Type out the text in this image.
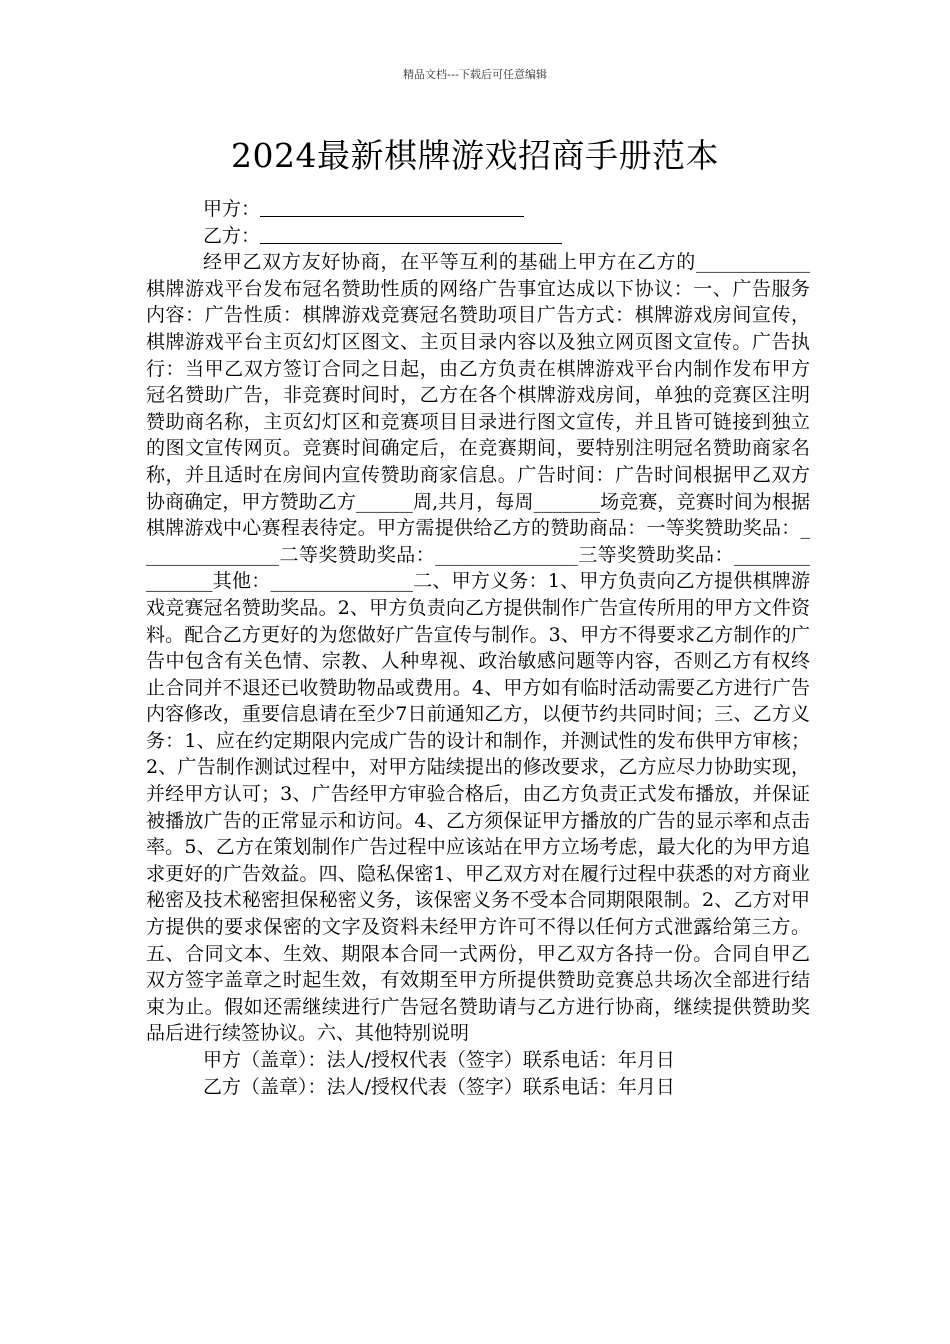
精品文档---下载后可任意编辑
2024最新棋牌游戏招商手册范本
甲方：
乙方：

经甲乙双方友好协商，在平等互利的基础上甲方在乙方的____________棋牌游戏平台发布冠名赞助性质的网络广告事宜达成以下协议：一、广告服务内容：广告性质：棋牌游戏竞赛冠名赞助项目广告方式：棋牌游戏房间宣传，棋牌游戏平台主页幻灯区图文、主页目录内容以及独立网页图文宣传。广告执行：当甲乙双方签订合同之日起，由乙方负责在棋牌游戏平台内制作发布甲方冠名赞助广告，非竞赛时间时，乙方在各个棋牌游戏房间，单独的竞赛区注明赞助商名称，主页幻灯区和竞赛项目目录进行图文宣传，并且皆可链接到独立的图文宣传网页。竞赛时间确定后，在竞赛期间，要特别注明冠名赞助商家名称，并且适时在房间内宣传赞助商家信息。广告时间：广告时间根据甲乙双方协商确定，甲方赞助乙方______周,共月，每周_______场竞赛，竞赛时间为根据棋牌游戏中心赛程表待定。甲方需提供给乙方的赞助商品：一等奖赞助奖品：_______________二等奖赞助奖品：_______________三等奖赞助奖品：_______________其他：_______________二、甲方义务：1、甲方负责向乙方提供棋牌游戏竞赛冠名赞助奖品。2、甲方负责向乙方提供制作广告宣传所用的甲方文件资料。配合乙方更好的为您做好广告宣传与制作。3、甲方不得要求乙方制作的广告中包含有关色情、宗教、人种卑视、政治敏感问题等内容，否则乙方有权终止合同并不退还已收赞助物品或费用。4、甲方如有临时活动需要乙方进行广告内容修改，重要信息请在至少7日前通知乙方，以便节约共同时间；三、乙方义务：1、应在约定期限内完成广告的设计和制作，并测试性的发布供甲方审核；2、广告制作测试过程中，对甲方陆续提出的修改要求，乙方应尽力协助实现，并经甲方认可；3、广告经甲方审验合格后，由乙方负责正式发布播放，并保证被播放广告的正常显示和访问。4、乙方须保证甲方播放的广告的显示率和点击率。5、乙方在策划制作广告过程中应该站在甲方立场考虑，最大化的为甲方追求更好的广告效益。四、隐私保密1、甲乙双方对在履行过程中获悉的对方商业秘密及技术秘密担保秘密义务，该保密义务不受本合同期限限制。2、乙方对甲方提供的要求保密的文字及资料未经甲方许可不得以任何方式泄露给第三方。五、合同文本、生效、期限本合同一式两份，甲乙双方各持一份。合同自甲乙双方签字盖章之时起生效，有效期至甲方所提供赞助竞赛总共场次全部进行结束为止。假如还需继续进行广告冠名赞助请与乙方进行协商，继续提供赞助奖品后进行续签协议。六、其他特别说明

甲方（盖章）：法人/授权代表（签字）联系电话：年月日
乙方（盖章）：法人/授权代表（签字）联系电话：年月日
